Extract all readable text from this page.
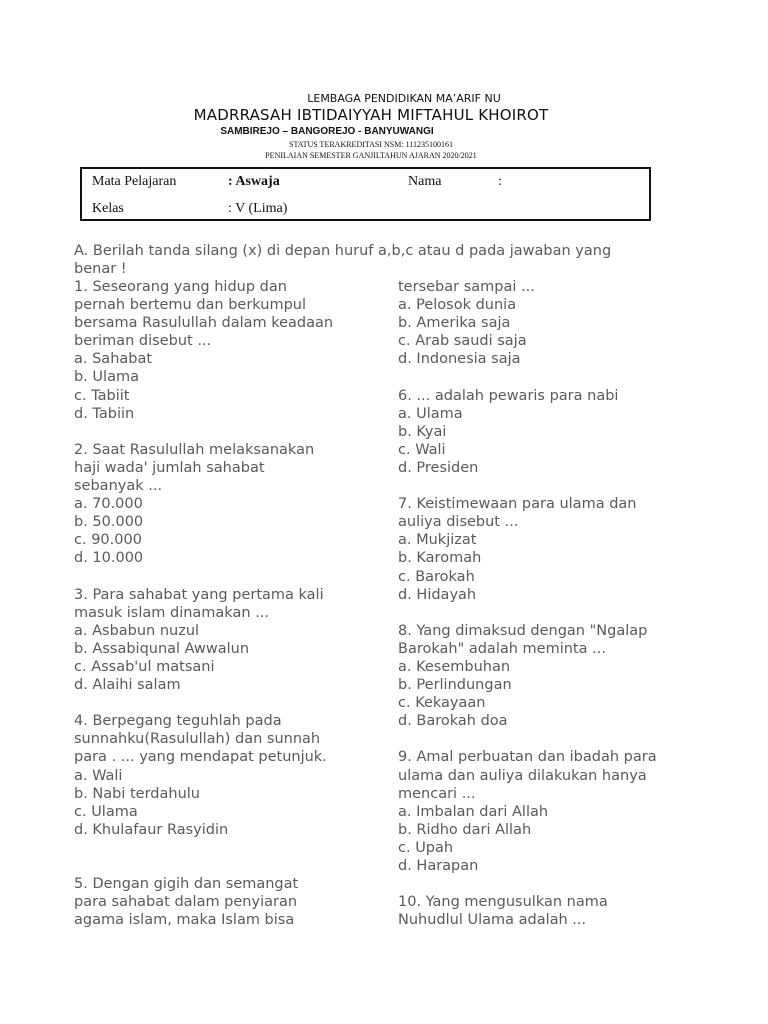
LEMBAGA PENDIDIKAN MA’ARIF NU
MADRRASAH IBTIDAIYYAH MIFTAHUL KHOIROT
SAMBIREJO – BANGOREJO - BANYUWANGI
STATUS TERAKREDITASI NSM: 111235100161
PENILAIAN SEMESTER GANJILTAHUN AJARAN 2020/2021
Mata Pelajaran	: Aswaja	Nama	:
Kelas	: V (Lima)
A. Berilah tanda silang (x) di depan huruf a,b,c atau d pada jawaban yang
benar !
1. Seseorang yang hidup dan
pernah bertemu dan berkumpul
bersama Rasulullah dalam keadaan
beriman disebut ...
a. Sahabat
b. Ulama
c. Tabiit
d. Tabiin
2. Saat Rasulullah melaksanakan
haji wada' jumlah sahabat
sebanyak ...
a. 70.000
b. 50.000
c. 90.000
d. 10.000
3. Para sahabat yang pertama kali
masuk islam dinamakan ...
a. Asbabun nuzul
b. Assabiqunal Awwalun
c. Assab'ul matsani
d. Alaihi salam
4. Berpegang teguhlah pada
sunnahku(Rasulullah) dan sunnah
para . ... yang mendapat petunjuk.
a. Wali
b. Nabi terdahulu
c. Ulama
d. Khulafaur Rasyidin
5. Dengan gigih dan semangat
para sahabat dalam penyiaran
agama islam, maka Islam bisa
tersebar sampai ...
a. Pelosok dunia
b. Amerika saja
c. Arab saudi saja
d. Indonesia saja
6. ... adalah pewaris para nabi
a. Ulama
b. Kyai
c. Wali
d. Presiden
7. Keistimewaan para ulama dan
auliya disebut ...
a. Mukjizat
b. Karomah
c. Barokah
d. Hidayah
8. Yang dimaksud dengan "Ngalap
Barokah" adalah meminta ...
a. Kesembuhan
b. Perlindungan
c. Kekayaan
d. Barokah doa
9. Amal perbuatan dan ibadah para
ulama dan auliya dilakukan hanya
mencari ...
a. Imbalan dari Allah
b. Ridho dari Allah
c. Upah
d. Harapan
10. Yang mengusulkan nama
Nuhudlul Ulama adalah ...
